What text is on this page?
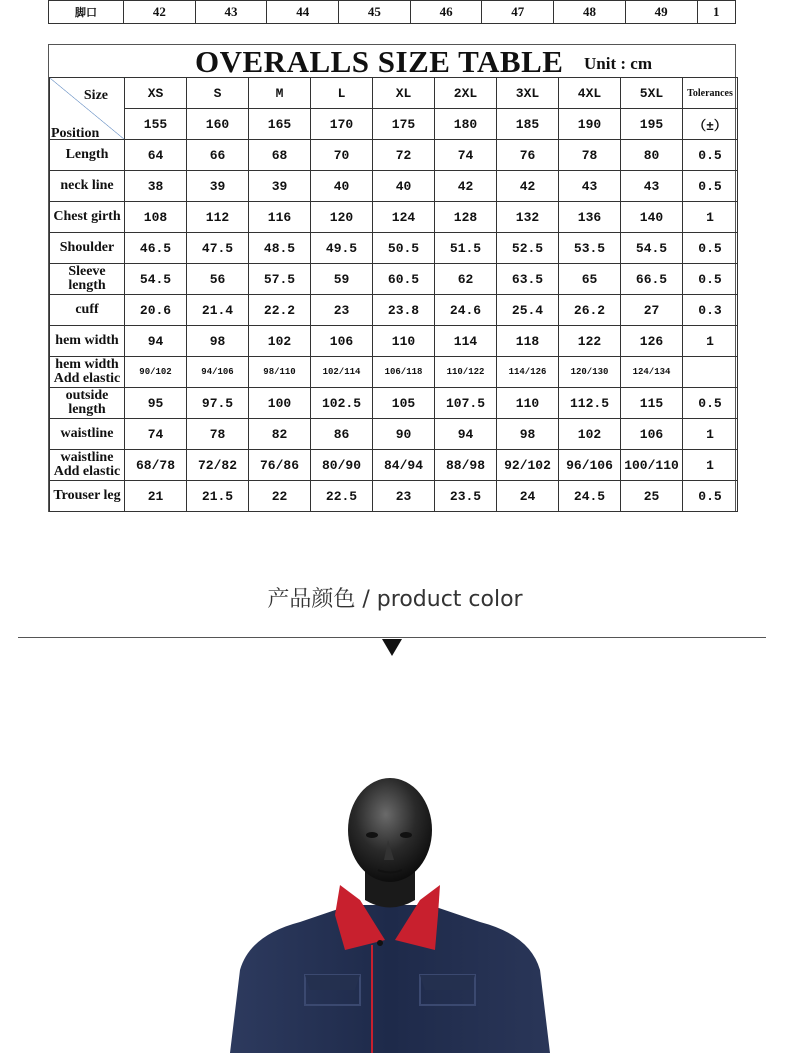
脚口	42	43	44	45	46	47	48	49	1
OVERALLS SIZE TABLE Unit : cm
Size
Position	XS	S	M	L	XL	2XL	3XL	4XL	5XL	Tolerances
	155	160	165	170	175	180	185	190	195	（±）
Length	64	66	68	70	72	74	76	78	80	0.5
neck line	38	39	39	40	40	42	42	43	43	0.5
Chest girth	108	112	116	120	124	128	132	136	140	1
Shoulder	46.5	47.5	48.5	49.5	50.5	51.5	52.5	53.5	54.5	0.5
Sleeve length	54.5	56	57.5	59	60.5	62	63.5	65	66.5	0.5
cuff	20.6	21.4	22.2	23	23.8	24.6	25.4	26.2	27	0.3
hem width	94	98	102	106	110	114	118	122	126	1
hem width Add elastic	90/102	94/106	98/110	102/114	106/118	110/122	114/126	120/130	124/134	
outside length	95	97.5	100	102.5	105	107.5	110	112.5	115	0.5
waistline	74	78	82	86	90	94	98	102	106	1
waistline Add elastic	68/78	72/82	76/86	80/90	84/94	88/98	92/102	96/106	100/110	1
Trouser leg	21	21.5	22	22.5	23	23.5	24	24.5	25	0.5
产品颜色 / product color
